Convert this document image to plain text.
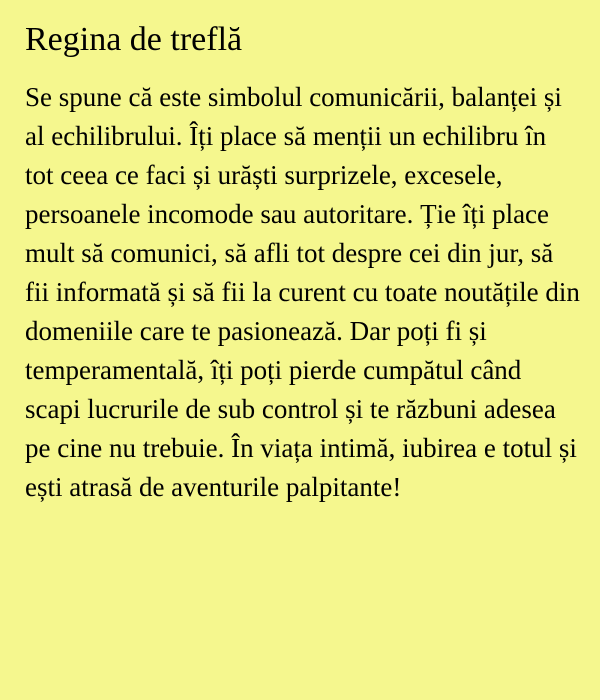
Regina de treflă

Se spune că este simbolul comunicării, balanței și al echilibrului. Îți place să menții un echilibru în tot ceea ce faci și urăști surprizele, excesele, persoanele incomode sau autoritare. Ție îți place mult să comunici, să afli tot despre cei din jur, să fii informată și să fii la curent cu toate noutățile din domeniile care te pasionează. Dar poți fi și temperamentală, îți poți pierde cumpătul când scapi lucrurile de sub control și te răzbuni adesea pe cine nu trebuie. În viața intimă, iubirea e totul și ești atrasă de aventurile palpitante!
